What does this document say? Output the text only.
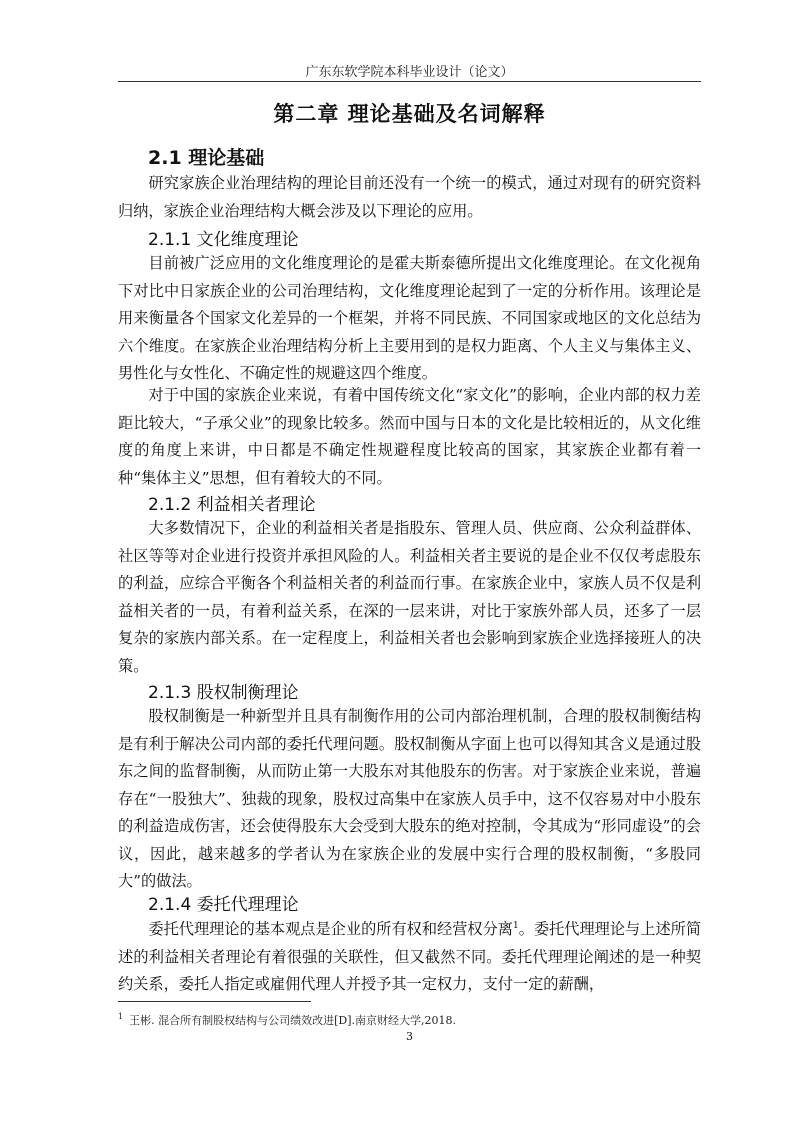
广东东软学院本科毕业设计（论文）
第二章 理论基础及名词解释
2.1 理论基础

研究家族企业治理结构的理论目前还没有一个统一的模式，通过对现有的研究资料归纳，家族企业治理结构大概会涉及以下理论的应用。

2.1.1 文化维度理论

目前被广泛应用的文化维度理论的是霍夫斯泰德所提出文化维度理论。在文化视角下对比中日家族企业的公司治理结构，文化维度理论起到了一定的分析作用。该理论是用来衡量各个国家文化差异的一个框架，并将不同民族、不同国家或地区的文化总结为六个维度。在家族企业治理结构分析上主要用到的是权力距离、个人主义与集体主义、男性化与女性化、不确定性的规避这四个维度。

对于中国的家族企业来说，有着中国传统文化“家文化”的影响，企业内部的权力差距比较大，“子承父业”的现象比较多。然而中国与日本的文化是比较相近的，从文化维度的角度上来讲，中日都是不确定性规避程度比较高的国家，其家族企业都有着一种“集体主义”思想，但有着较大的不同。

2.1.2 利益相关者理论

大多数情况下，企业的利益相关者是指股东、管理人员、供应商、公众利益群体、社区等等对企业进行投资并承担风险的人。利益相关者主要说的是企业不仅仅考虑股东的利益，应综合平衡各个利益相关者的利益而行事。在家族企业中，家族人员不仅是利益相关者的一员，有着利益关系，在深的一层来讲，对比于家族外部人员，还多了一层复杂的家族内部关系。在一定程度上，利益相关者也会影响到家族企业选择接班人的决策。

2.1.3 股权制衡理论

股权制衡是一种新型并且具有制衡作用的公司内部治理机制，合理的股权制衡结构是有利于解决公司内部的委托代理问题。股权制衡从字面上也可以得知其含义是通过股东之间的监督制衡，从而防止第一大股东对其他股东的伤害。对于家族企业来说，普遍存在“一股独大”、独裁的现象，股权过高集中在家族人员手中，这不仅容易对中小股东的利益造成伤害，还会使得股东大会受到大股东的绝对控制，令其成为“形同虚设”的会议，因此，越来越多的学者认为在家族企业的发展中实行合理的股权制衡，“多股同大”的做法。

2.1.4 委托代理理论

委托代理理论的基本观点是企业的所有权和经营权分离$^1$。委托代理理论与上述所简述的利益相关者理论有着很强的关联性，但又截然不同。委托代理理论阐述的是一种契约关系，委托人指定或雇佣代理人并授予其一定权力，支付一定的薪酬，

$^1$ 王彬. 混合所有制股权结构与公司绩效改进[D].南京财经大学,2018.
3
